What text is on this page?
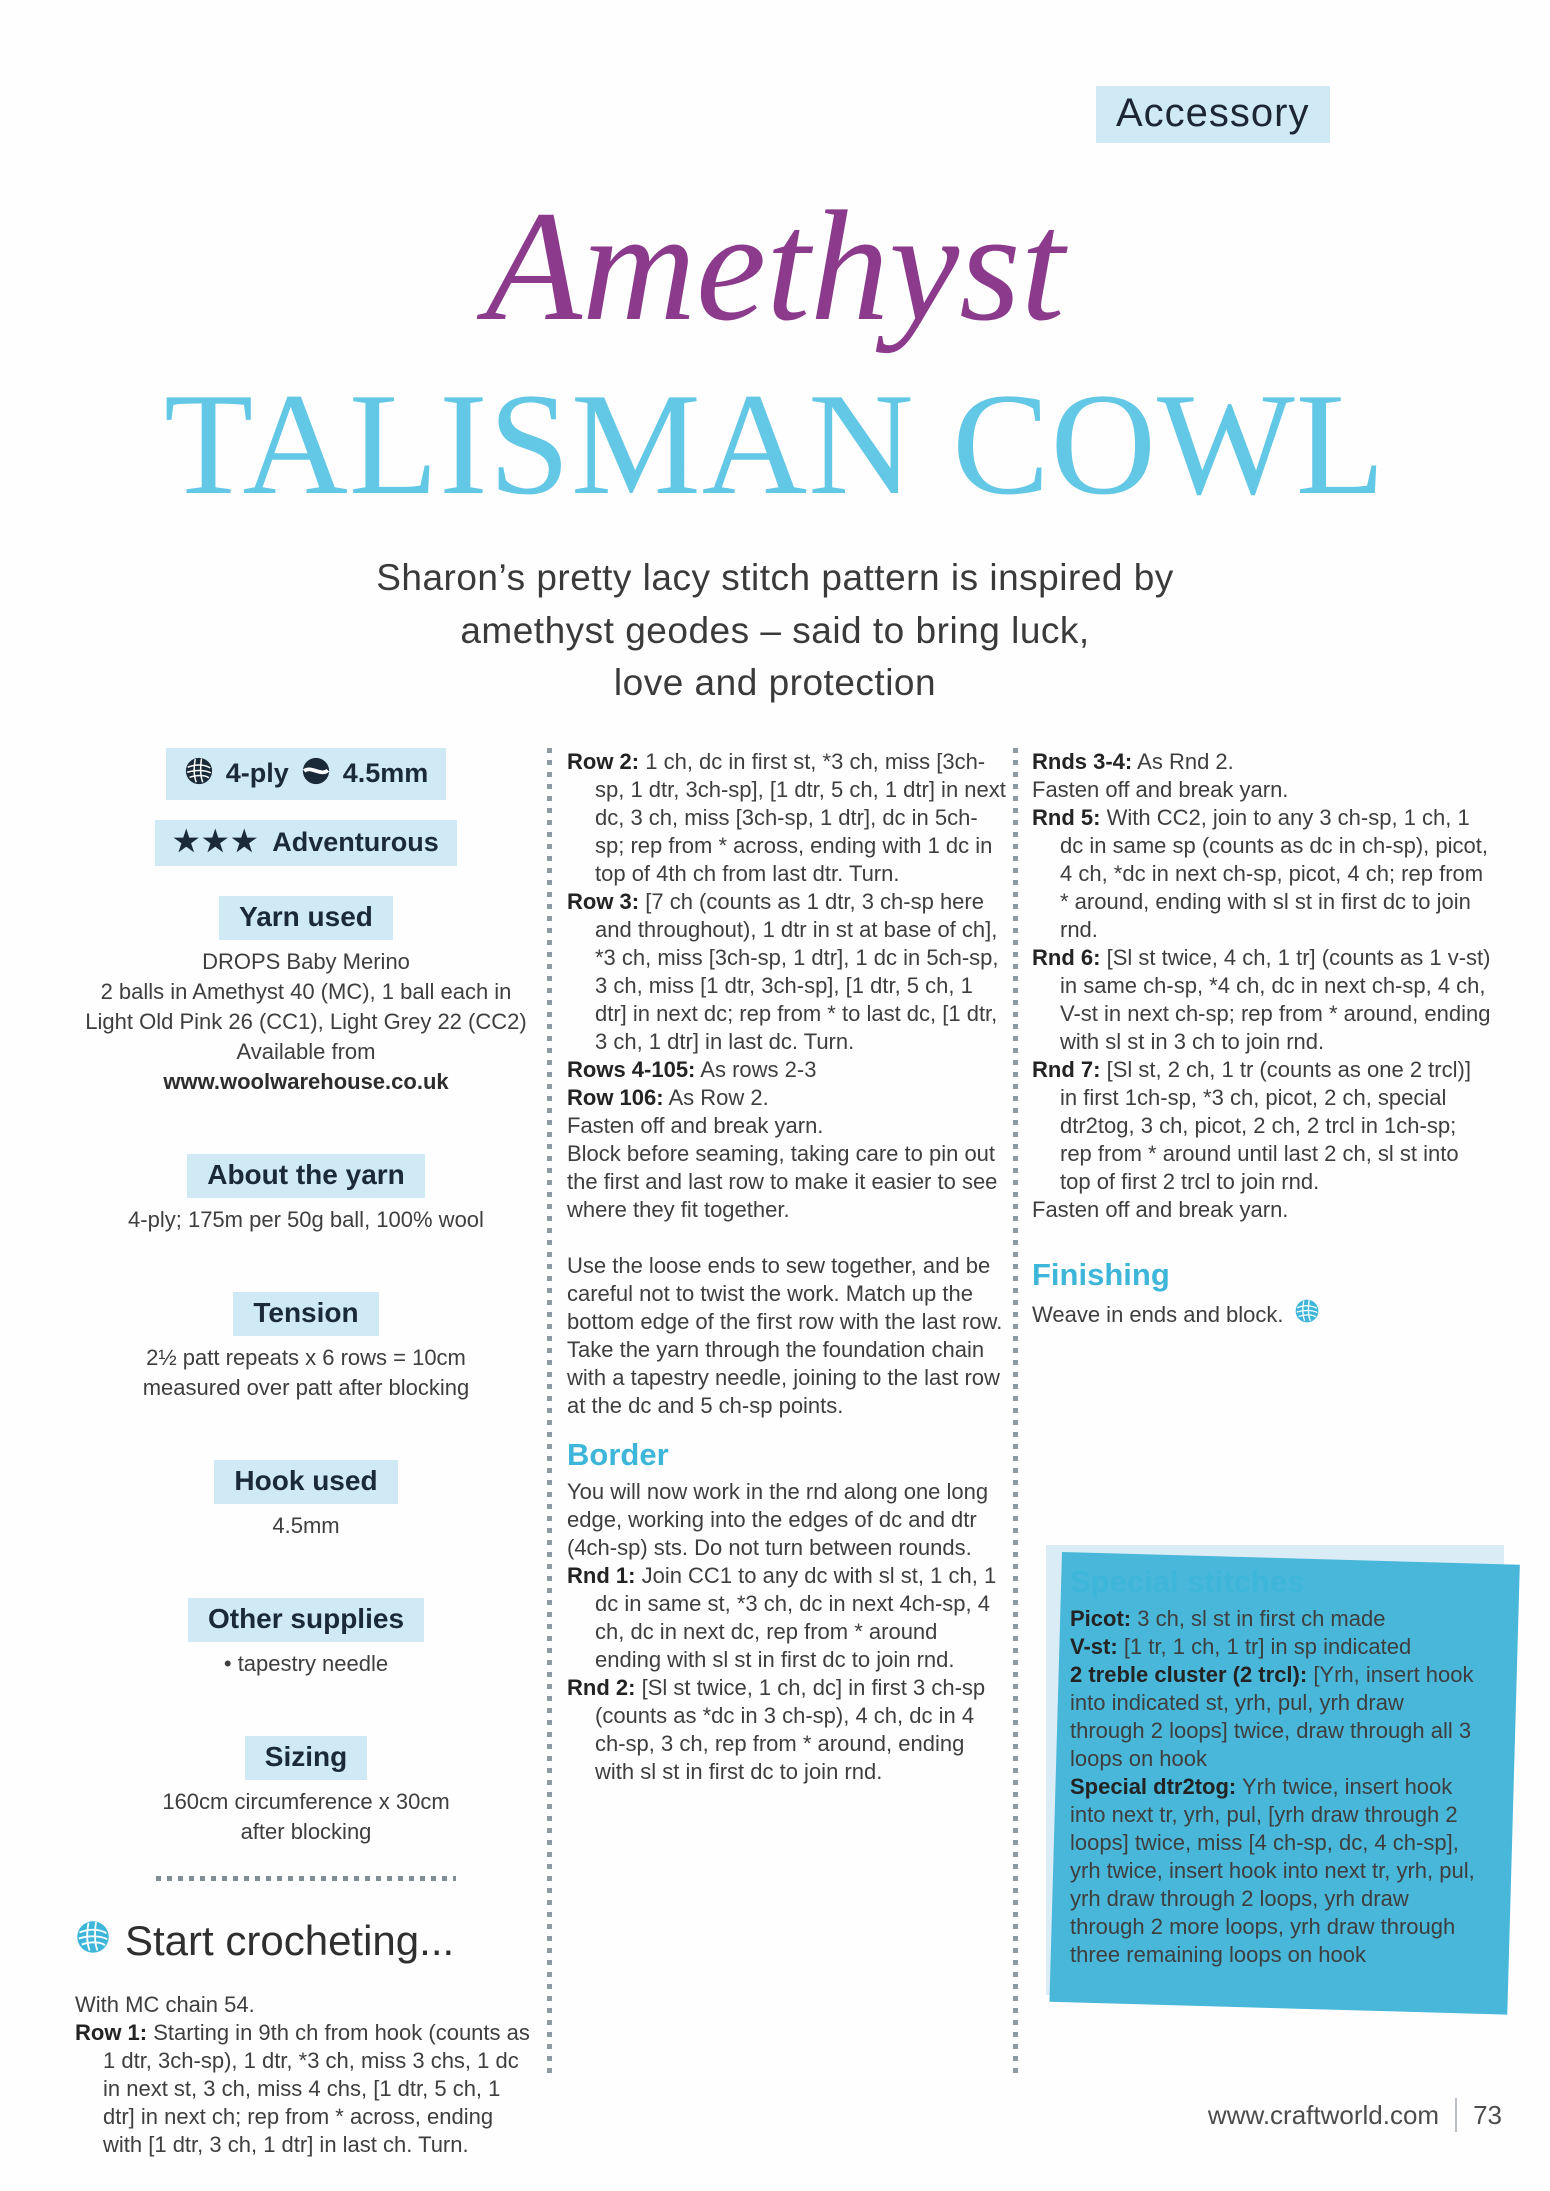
Accessory
Amethyst
TALISMAN COWL
Sharon’s pretty lacy stitch pattern is inspired by
amethyst geodes – said to bring luck,
love and protection
4-ply 4.5mm

★★★ Adventurous

Yarn used

DROPS Baby Merino

2 balls in Amethyst 40 (MC), 1 ball each in

Light Old Pink 26 (CC1), Light Grey 22 (CC2)

Available from

www.woolwarehouse.co.uk

About the yarn

4-ply; 175m per 50g ball, 100% wool

Tension

2½ patt repeats x 6 rows = 10cm

measured over patt after blocking

Hook used

4.5mm

Other supplies

• tapestry needle

Sizing

160cm circumference x 30cm

after blocking

Start crocheting...

With MC chain 54.

Row 1: Starting in 9th ch from hook (counts as 1 dtr, 3ch-sp), 1 dtr, *3 ch, miss 3 chs, 1 dc in next st, 3 ch, miss 4 chs, [1 dtr, 5 ch, 1 dtr] in next ch; rep from * across, ending with [1 dtr, 3 ch, 1 dtr] in last ch. Turn.

Row 2: 1 ch, dc in first st, *3 ch, miss [3ch-sp, 1 dtr, 3ch-sp], [1 dtr, 5 ch, 1 dtr] in next dc, 3 ch, miss [3ch-sp, 1 dtr], dc in 5ch-sp; rep from * across, ending with 1 dc in top of 4th ch from last dtr. Turn.

Row 3: [7 ch (counts as 1 dtr, 3 ch-sp here and throughout), 1 dtr in st at base of ch], *3 ch, miss [3ch-sp, 1 dtr], 1 dc in 5ch-sp, 3 ch, miss [1 dtr, 3ch-sp], [1 dtr, 5 ch, 1 dtr] in next dc; rep from * to last dc, [1 dtr, 3 ch, 1 dtr] in last dc. Turn.

Rows 4-105: As rows 2-3

Row 106: As Row 2.

Fasten off and break yarn.

Block before seaming, taking care to pin out the first and last row to make it easier to see where they fit together.

Use the loose ends to sew together, and be careful not to twist the work. Match up the bottom edge of the first row with the last row. Take the yarn through the foundation chain with a tapestry needle, joining to the last row at the dc and 5 ch-sp points.

Border

You will now work in the rnd along one long edge, working into the edges of dc and dtr (4ch-sp) sts. Do not turn between rounds.

Rnd 1: Join CC1 to any dc with sl st, 1 ch, 1 dc in same st, *3 ch, dc in next 4ch-sp, 4 ch, dc in next dc, rep from * around ending with sl st in first dc to join rnd.

Rnd 2: [Sl st twice, 1 ch, dc] in first 3 ch-sp (counts as *dc in 3 ch-sp), 4 ch, dc in 4 ch-sp, 3 ch, rep from * around, ending with sl st in first dc to join rnd.

Rnds 3-4: As Rnd 2.

Fasten off and break yarn.

Rnd 5: With CC2, join to any 3 ch-sp, 1 ch, 1 dc in same sp (counts as dc in ch-sp), picot, 4 ch, *dc in next ch-sp, picot, 4 ch; rep from * around, ending with sl st in first dc to join rnd.

Rnd 6: [Sl st twice, 4 ch, 1 tr] (counts as 1 v-st) in same ch-sp, *4 ch, dc in next ch-sp, 4 ch, V-st in next ch-sp; rep from * around, ending with sl st in 3 ch to join rnd.

Rnd 7: [Sl st, 2 ch, 1 tr (counts as one 2 trcl)] in first 1ch-sp, *3 ch, picot, 2 ch, special dtr2tog, 3 ch, picot, 2 ch, 2 trcl in 1ch-sp; rep from * around until last 2 ch, sl st into top of first 2 trcl to join rnd.

Fasten off and break yarn.

Finishing
Weave in ends and block.
Special stitches

Picot: 3 ch, sl st in first ch made

V-st: [1 tr, 1 ch, 1 tr] in sp indicated

2 treble cluster (2 trcl): [Yrh, insert hook into indicated st, yrh, pul, yrh draw through 2 loops] twice, draw through all 3 loops on hook

Special dtr2tog: Yrh twice, insert hook into next tr, yrh, pul, [yrh draw through 2 loops] twice, miss [4 ch-sp, dc, 4 ch-sp], yrh twice, insert hook into next tr, yrh, pul, yrh draw through 2 loops, yrh draw through 2 more loops, yrh draw through three remaining loops on hook

www.craftworld.com 73
